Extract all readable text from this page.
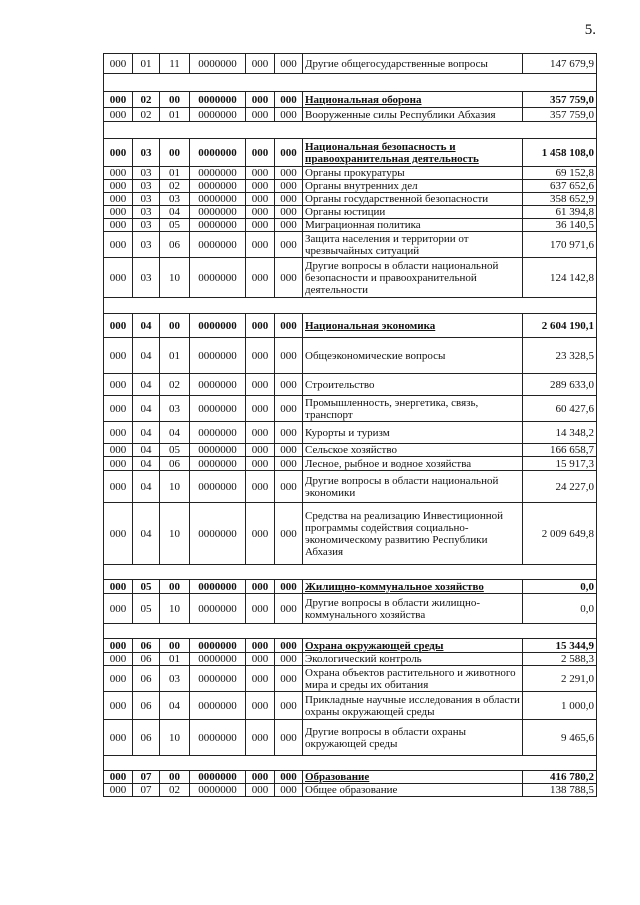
5.
000	01	11	0000000	000	000	Другие общегосударственные вопросы	147 679,9

000	02	00	0000000	000	000	Национальная оборона	357 759,0
000	02	01	0000000	000	000	Вооруженные силы Республики Абхазия	357 759,0

000	03	00	0000000	000	000	Национальная безопасность и правоохранительная деятельность	1 458 108,0
000	03	01	0000000	000	000	Органы прокуратуры	69 152,8
000	03	02	0000000	000	000	Органы внутренних дел	637 652,6
000	03	03	0000000	000	000	Органы государственной безопасности	358 652,9
000	03	04	0000000	000	000	Органы юстиции	61 394,8
000	03	05	0000000	000	000	Миграционная политика	36 140,5
000	03	06	0000000	000	000	Защита населения и территории от чрезвычайных ситуаций	170 971,6
000	03	10	0000000	000	000	Другие вопросы в области национальной безопасности и правоохранительной деятельности	124 142,8

000	04	00	0000000	000	000	Национальная экономика	2 604 190,1
000	04	01	0000000	000	000	Общеэкономические вопросы	23 328,5
000	04	02	0000000	000	000	Строительство	289 633,0
000	04	03	0000000	000	000	Промышленность, энергетика, связь, транспорт	60 427,6
000	04	04	0000000	000	000	Курорты и туризм	14 348,2
000	04	05	0000000	000	000	Сельское хозяйство	166 658,7
000	04	06	0000000	000	000	Лесное, рыбное и водное хозяйства	15 917,3
000	04	10	0000000	000	000	Другие вопросы в области национальной экономики	24 227,0
000	04	10	0000000	000	000	Средства на реализацию Инвестиционной программы содействия социально-экономическому развитию Республики Абхазия	2 009 649,8

000	05	00	0000000	000	000	Жилищно-коммунальное хозяйство	0,0
000	05	10	0000000	000	000	Другие вопросы в области жилищно-коммунального хозяйства	0,0

000	06	00	0000000	000	000	Охрана окружающей среды	15 344,9
000	06	01	0000000	000	000	Экологический контроль	2 588,3
000	06	03	0000000	000	000	Охрана объектов растительного и животного мира и среды их обитания	2 291,0
000	06	04	0000000	000	000	Прикладные научные исследования в области охраны окружающей среды	1 000,0
000	06	10	0000000	000	000	Другие вопросы в области охраны окружающей среды	9 465,6

000	07	00	0000000	000	000	Образование	416 780,2
000	07	02	0000000	000	000	Общее образование	138 788,5
